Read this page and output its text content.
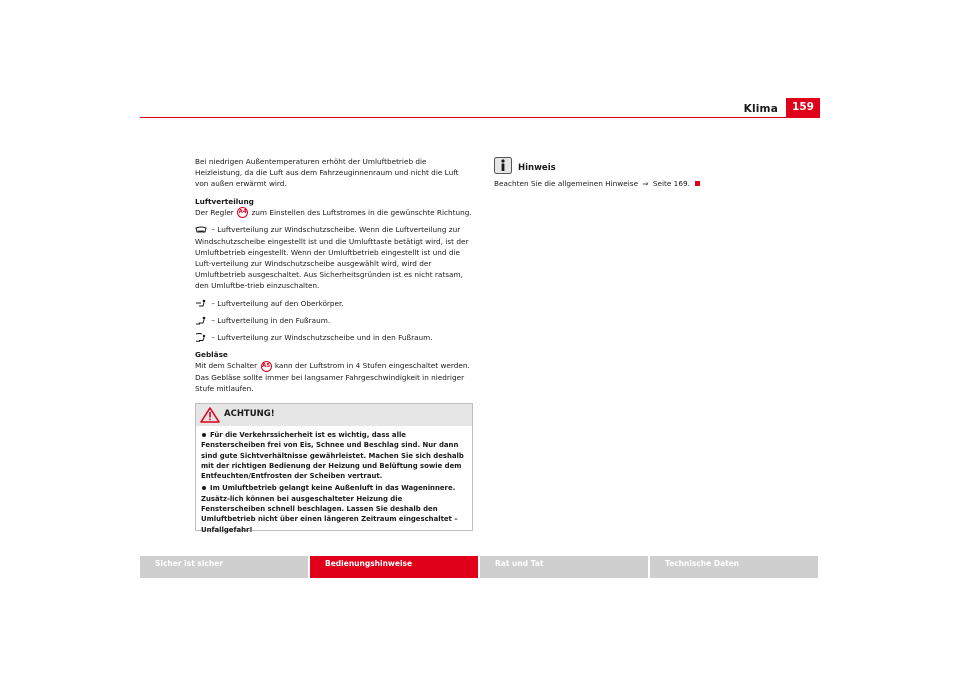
Klima	159

Bei niedrigen Außentemperaturen erhöht der Umluftbetrieb die Heizleistung, da die Luft aus dem Fahrzeuginnenraum und nicht die Luft von außen erwärmt wird.

Luftverteilung

Der Regler A4 zum Einstellen des Luftstromes in die gewünschte Richtung.

– Luftverteilung zur Windschutzscheibe. Wenn die Luftverteilung zur Windschutzscheibe eingestellt ist und die Umlufttaste betätigt wird, ist der Umluftbetrieb eingestellt. Wenn der Umluftbetrieb eingestellt ist und die Luft-verteilung zur Windschutzscheibe ausgewählt wird, wird der Umluftbetrieb ausgeschaltet. Aus Sicherheitsgründen ist es nicht ratsam, den Umluftbe-trieb einzuschalten.

– Luftverteilung auf den Oberkörper.

– Luftverteilung in den Fußraum.

– Luftverteilung zur Windschutzscheibe und in den Fußraum.

Gebläse

Mit dem Schalter A5 kann der Luftstrom in 4 Stufen eingeschaltet werden. Das Gebläse sollte immer bei langsamer Fahrgeschwindigkeit in niedriger Stufe mitlaufen.

ACHTUNG!

Für die Verkehrssicherheit ist es wichtig, dass alle Fensterscheiben frei von Eis, Schnee und Beschlag sind. Nur dann sind gute Sichtverhältnisse gewährleistet. Machen Sie sich deshalb mit der richtigen Bedienung der Heizung und Belüftung sowie dem Entfeuchten/Entfrosten der Scheiben vertraut.

Im Umluftbetrieb gelangt keine Außenluft in das Wageninnere. Zusätz-lich können bei ausgeschalteter Heizung die Fensterscheiben schnell beschlagen. Lassen Sie deshalb den Umluftbetrieb nicht über einen längeren Zeitraum eingeschaltet – Unfallgefahr!

Hinweis

Beachten Sie die allgemeinen Hinweise ⇒ Seite 169.

Sicher ist sicher	Bedienungshinweise	Rat und Tat	Technische Daten
